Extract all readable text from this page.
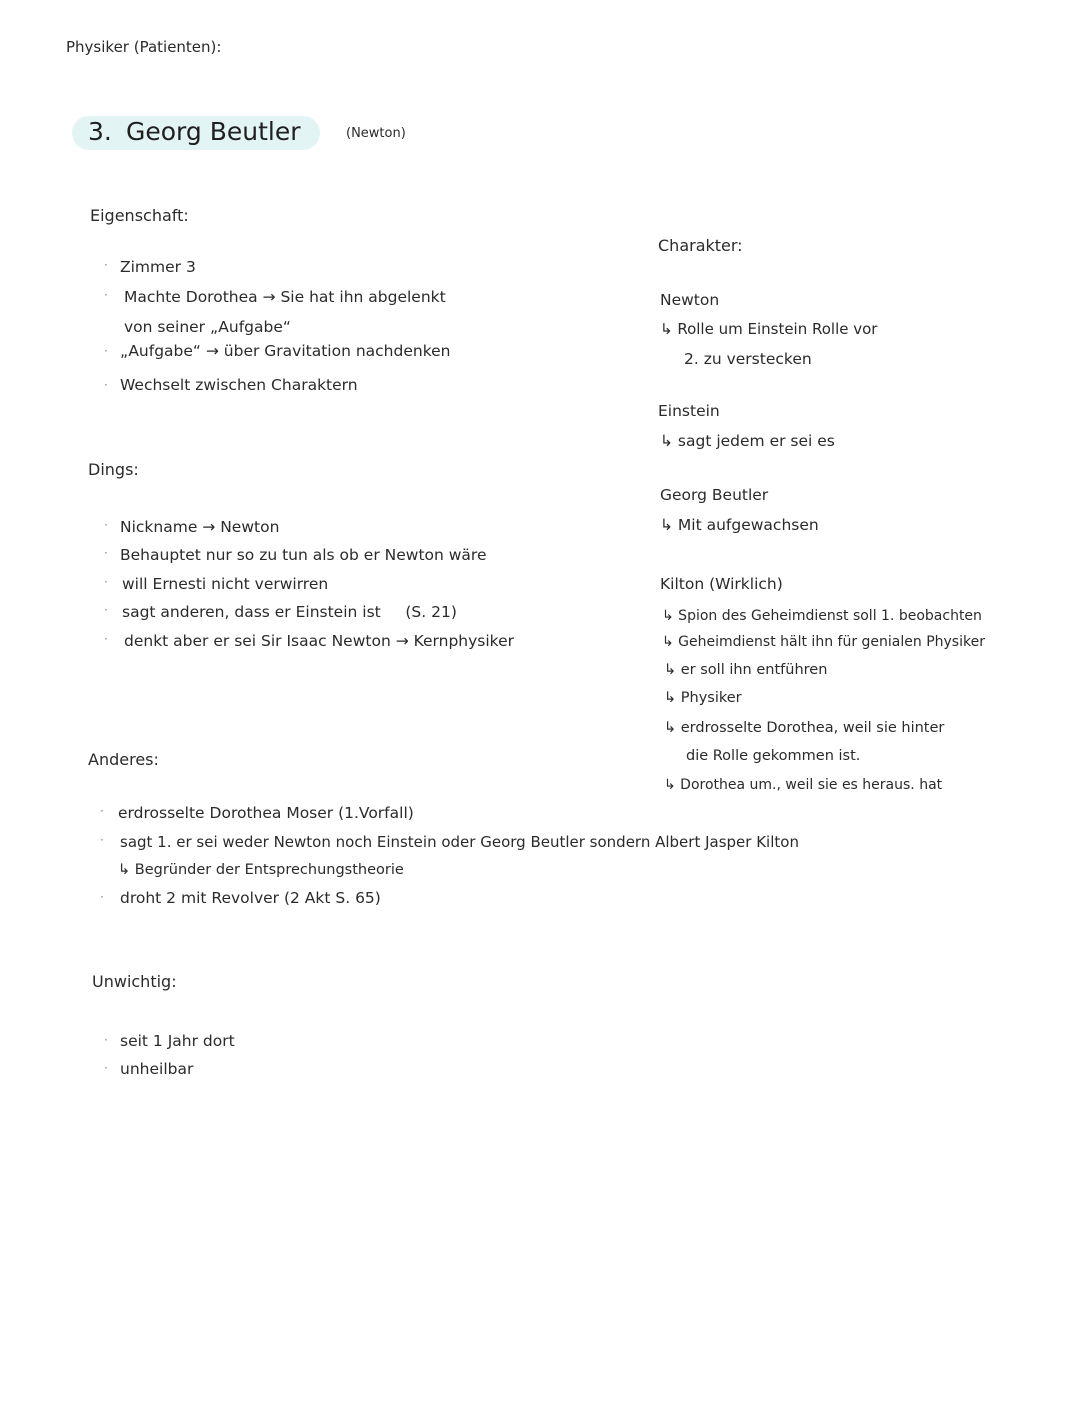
Physiker (Patienten):
3. Georg Beutler	(Newton)
Eigenschaft:
· Zimmer 3
· Machte Dorothea → Sie hat ihn abgelenkt
von seiner „Aufgabe“
· „Aufgabe“ → über Gravitation nachdenken
· Wechselt zwischen Charaktern
Dings:
· Nickname → Newton
· Behauptet nur so zu tun als ob er Newton wäre
· will Ernesti nicht verwirren
· sagt anderen, dass er Einstein ist     (S. 21)
· denkt aber er sei Sir Isaac Newton → Kernphysiker
Anderes:
· erdrosselte Dorothea Moser (1.Vorfall)
· sagt 1. er sei weder Newton noch Einstein oder Georg Beutler sondern Albert Jasper Kilton
↳ Begründer der Entsprechungstheorie
· droht 2 mit Revolver (2 Akt S. 65)
Unwichtig:
· seit 1 Jahr dort
· unheilbar
Charakter:
Newton
↳ Rolle um Einstein Rolle vor
2. zu verstecken
Einstein
↳ sagt jedem er sei es
Georg Beutler
↳ Mit aufgewachsen
Kilton (Wirklich)
↳ Spion des Geheimdienst soll 1. beobachten
↳ Geheimdienst hält ihn für genialen Physiker
↳ er soll ihn entführen
↳ Physiker
↳ erdrosselte Dorothea, weil sie hinter
die Rolle gekommen ist.
↳ Dorothea um., weil sie es heraus. hat
